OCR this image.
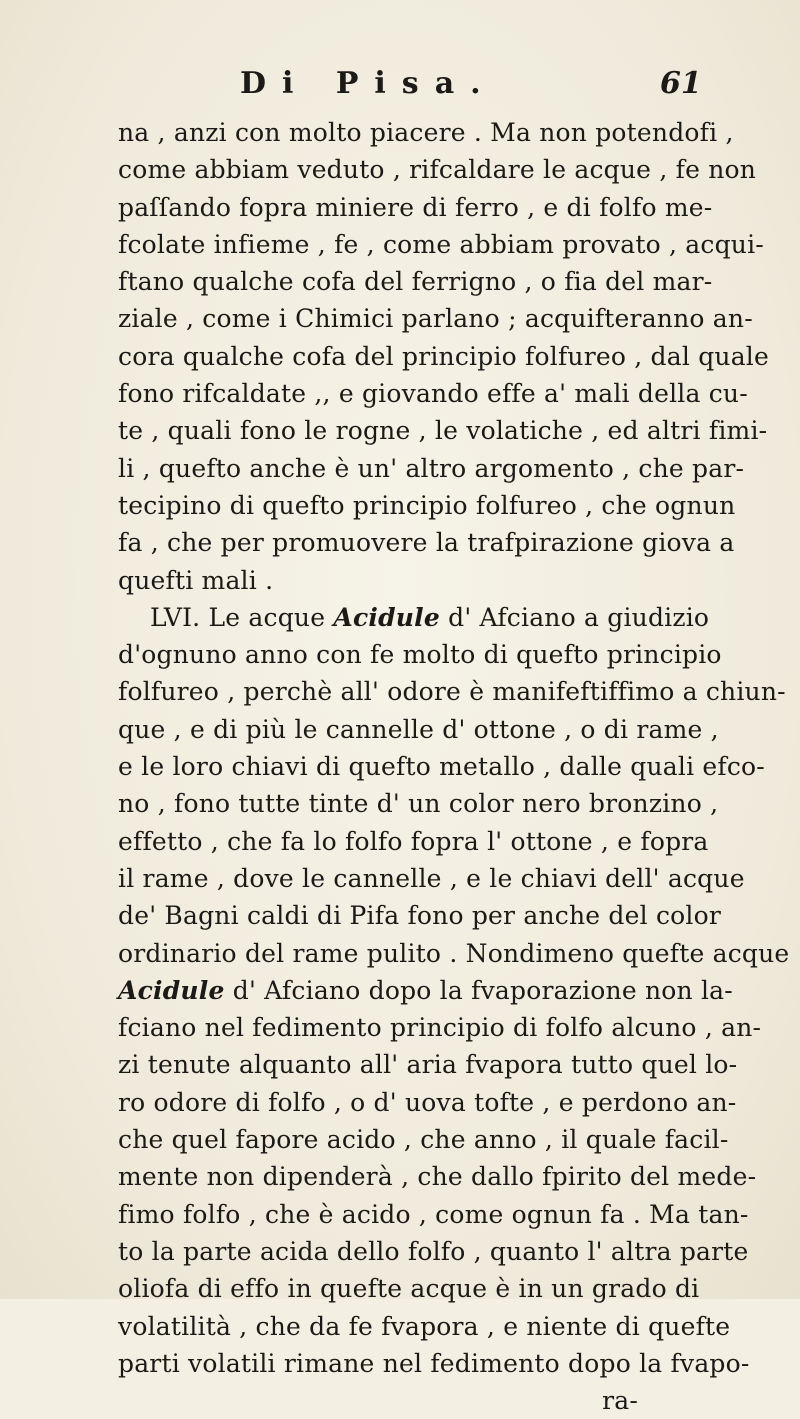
Di Pisa.	61
na , anzi con molto piacere . Ma non potendofi ,
come abbiam veduto , rifcaldare le acque , fe non
paſſando fopra miniere di ferro , e di folfo me-
fcolate infieme , fe , come abbiam provato , acqui-
ftano qualche cofa del ferrigno , o fia del mar-
ziale , come i Chimici parlano ; acquifteranno an-
cora qualche cofa del principio folfureo , dal quale
fono rifcaldate ,, e giovando effe a' mali della cu-
te , quali fono le rogne , le volatiche , ed altri fimi-
li , quefto anche è un' altro argomento , che par-
tecipino di quefto principio folfureo , che ognun
fa , che per promuovere la trafpirazione giova a
quefti mali .
LVI. Le acque Acidule d' Afciano a giudizio
d'ognuno anno con fe molto di quefto principio
folfureo , perchè all' odore è manifeftiffimo a chiun-
que , e di più le cannelle d' ottone , o di rame ,
e le loro chiavi di quefto metallo , dalle quali efco-
no , fono tutte tinte d' un color nero bronzino ,
effetto , che fa lo folfo fopra l' ottone , e fopra
il rame , dove le cannelle , e le chiavi dell' acque
de' Bagni caldi di Pifa fono per anche del color
ordinario del rame pulito . Nondimeno quefte acque
Acidule d' Afciano dopo la fvaporazione non la-
fciano nel fedimento principio di folfo alcuno , an-
zi tenute alquanto all' aria fvapora tutto quel lo-
ro odore di folfo , o d' uova tofte , e perdono an-
che quel fapore acido , che anno , il quale facil-
mente non dipenderà , che dallo fpirito del mede-
fimo folfo , che è acido , come ognun fa . Ma tan-
to la parte acida dello folfo , quanto l' altra parte
oliofa di effo in quefte acque è in un grado di
volatilità , che da fe fvapora , e niente di quefte
parti volatili rimane nel fedimento dopo la fvapo-
ra-
